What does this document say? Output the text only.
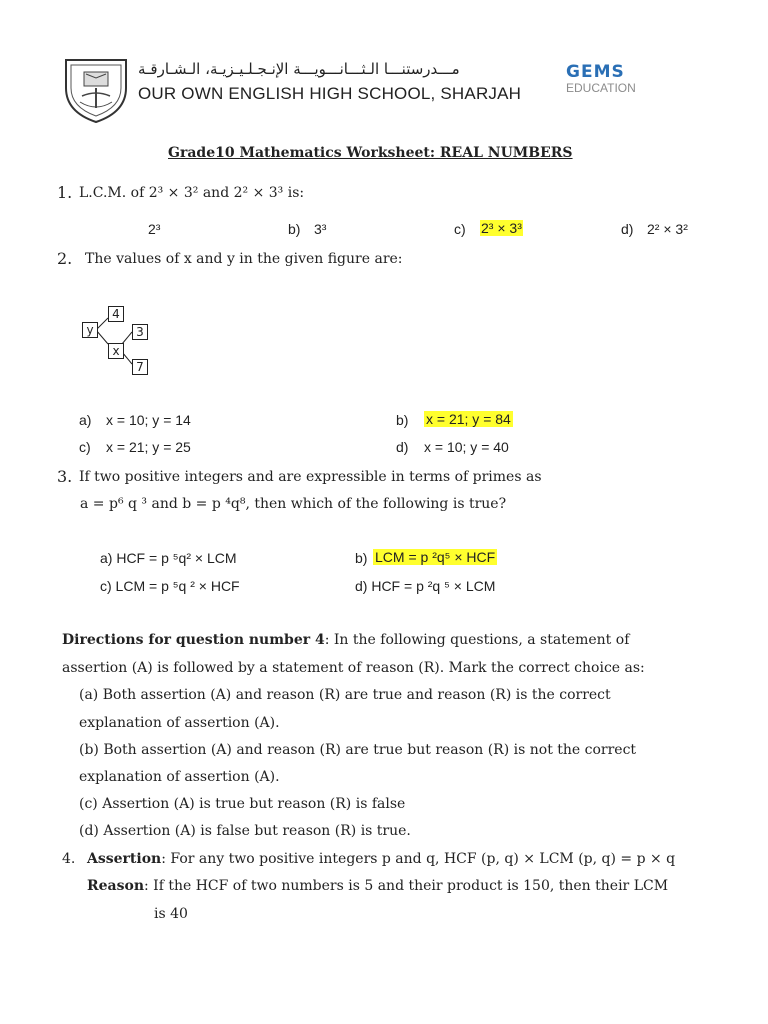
مـــدرستنـــا الـثـــانـــويـــة الإنـجـلـيـزيـة، الـشـارقـة
OUR OWN ENGLISH HIGH SCHOOL, SHARJAH
GEMS
EDUCATION
Grade10 Mathematics Worksheet: REAL NUMBERS
1. L.C.M. of 2³ × 3² and 2² × 3³ is:
2³	b) 3³	c) 2³ × 3³	d) 2² × 3²
2. The values of x and y in the given figure are:
y
4
x
3
7
a) x = 10; y = 14	b) x = 21; y = 84
c) x = 21; y = 25	d) x = 10; y = 40
3. If two positive integers and are expressible in terms of primes as
a = p⁶ q ³ and b = p ⁴q⁸, then which of the following is true?
a) HCF = p ⁵q² × LCM	b) LCM = p ²q⁵ × HCF
c) LCM = p ⁵q ² × HCF	d) HCF = p ²q ⁵ × LCM
Directions for question number 4: In the following questions, a statement of
assertion (A) is followed by a statement of reason (R). Mark the correct choice as:
(a) Both assertion (A) and reason (R) are true and reason (R) is the correct
explanation of assertion (A).
(b) Both assertion (A) and reason (R) are true but reason (R) is not the correct
explanation of assertion (A).
(c) Assertion (A) is true but reason (R) is false
(d) Assertion (A) is false but reason (R) is true.
4. Assertion: For any two positive integers p and q, HCF (p, q) × LCM (p, q) = p × q
Reason: If the HCF of two numbers is 5 and their product is 150, then their LCM
is 40
